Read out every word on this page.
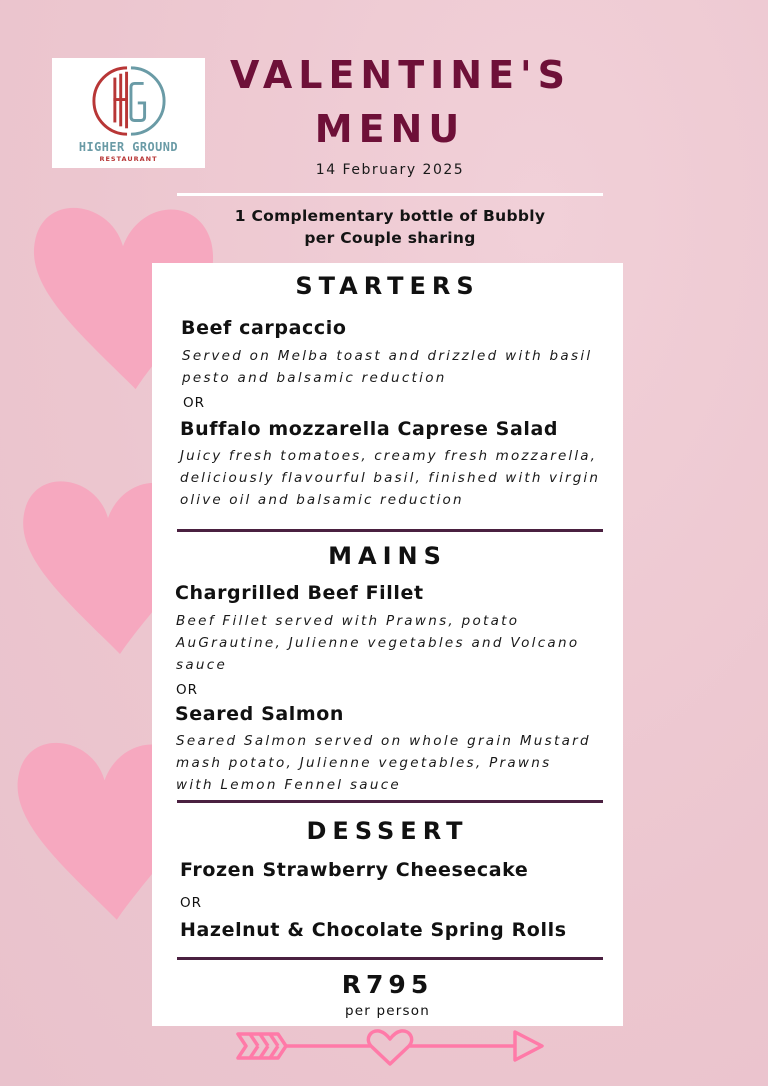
HIGHER GROUND
RESTAURANT
VALENTINE'S
MENU
14 February 2025
1 Complementary bottle of Bubbly
per Couple sharing
STARTERS
Beef carpaccio
Served on Melba toast and drizzled with basil
pesto and balsamic reduction
OR
Buffalo mozzarella Caprese Salad
Juicy fresh tomatoes, creamy fresh mozzarella,
deliciously flavourful basil, finished with virgin
olive oil and balsamic reduction
MAINS
Chargrilled Beef Fillet
Beef Fillet served with Prawns, potato
AuGrautine, Julienne vegetables and Volcano
sauce
OR
Seared Salmon
Seared Salmon served on whole grain Mustard
mash potato, Julienne vegetables, Prawns
with Lemon Fennel sauce
DESSERT
Frozen Strawberry Cheesecake
OR
Hazelnut & Chocolate Spring Rolls
R795
per person
